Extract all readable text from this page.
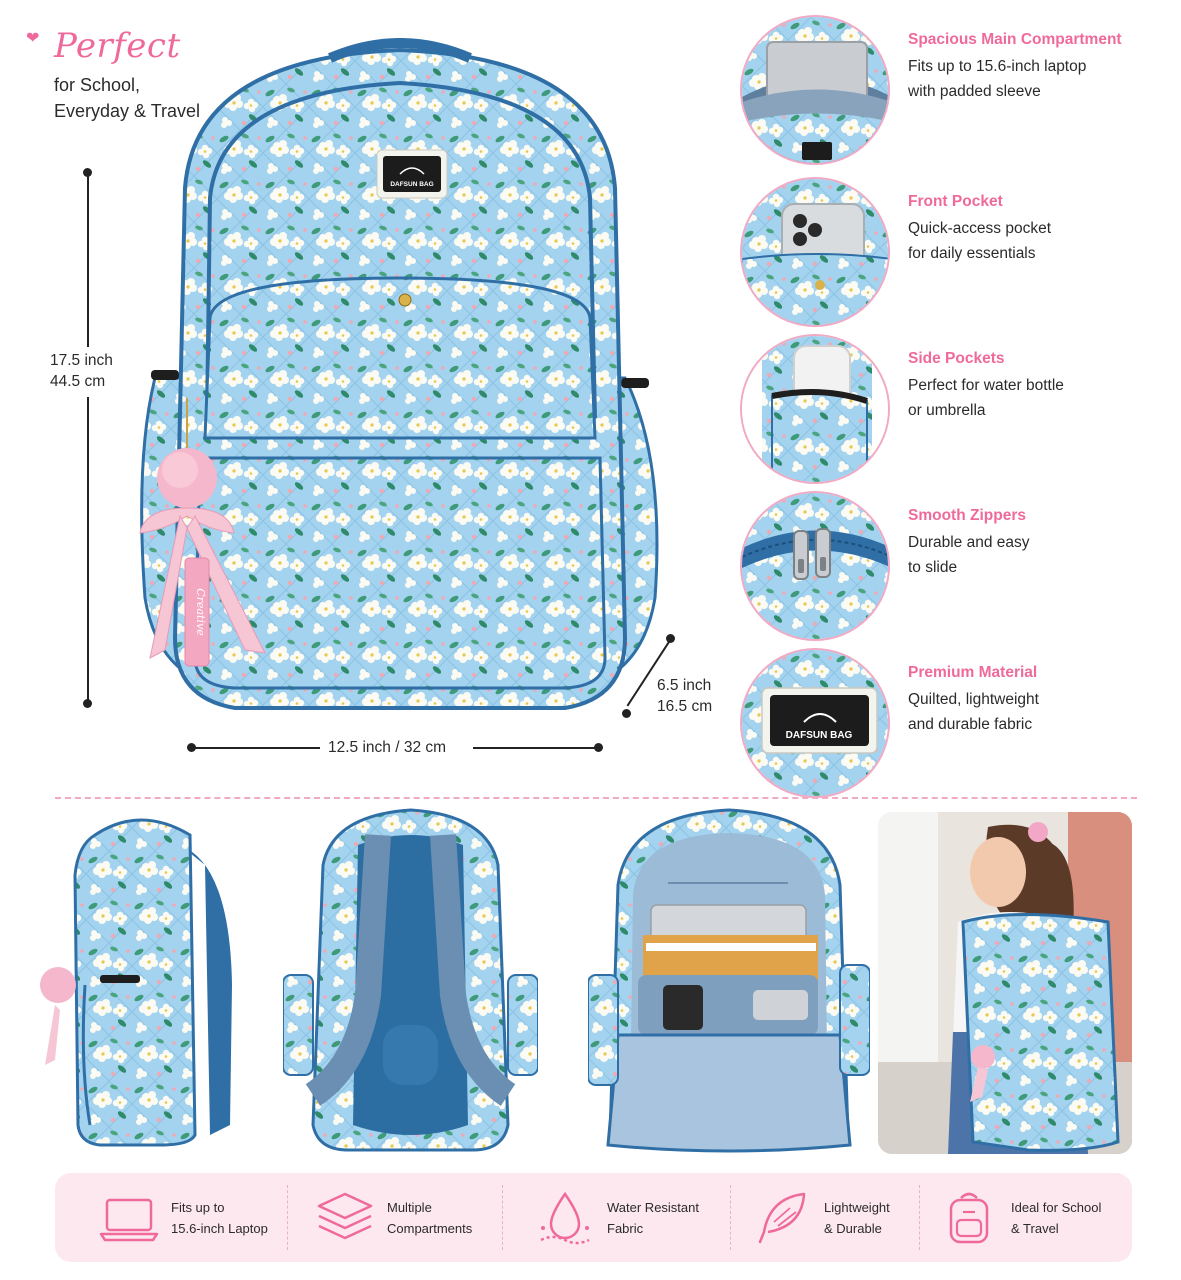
❤ Perfect
for School,
Everyday & Travel
DAFSUN BAG
Creative
17.5 inch
44.5 cm
12.5 inch / 32 cm
6.5 inch
16.5 cm
Spacious Main Compartment
Fits up to 15.6-inch laptop
with padded sleeve
Front Pocket
Quick-access pocket
for daily essentials
Side Pockets
Perfect for water bottle
or umbrella
Smooth Zippers
Durable and easy
to slide
DAFSUN BAG
Premium Material
Quilted, lightweight
and durable fabric
Fits up to
15.6-inch Laptop
Multiple
Compartments
Water Resistant
Fabric
Lightweight
& Durable
Ideal for School
& Travel
